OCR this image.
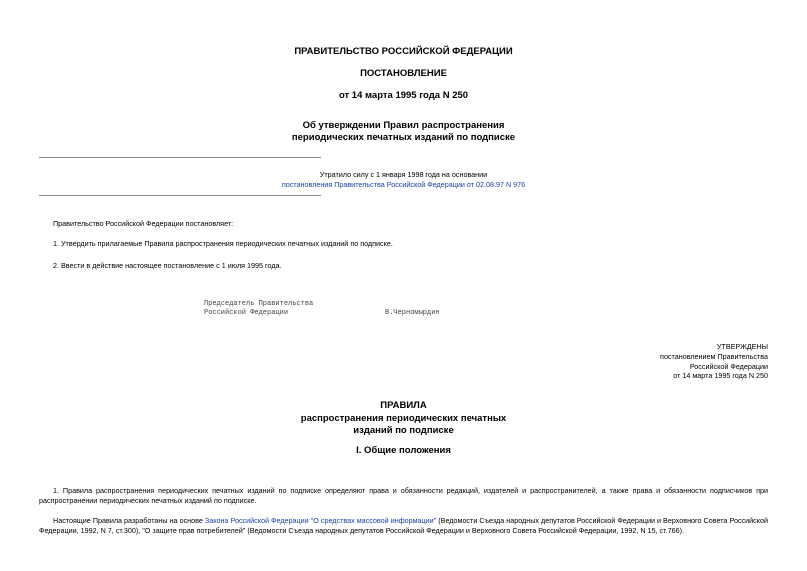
ПРАВИТЕЛЬСТВО РОССИЙСКОЙ ФЕДЕРАЦИИ
ПОСТАНОВЛЕНИЕ
от 14 марта 1995 года N 250
Об утверждении Правил распространения
периодических печатных изданий по подписке
Утратило силу с 1 января 1998 года на основании
постановления Правительства Российской Федерации от 02.08.97 N 976
Правительство Российской Федерации постановляет:
1. Утвердить прилагаемые Правила распространения периодических печатных изданий по подписке.
2. Ввести в действие настоящее постановление с 1 июля 1995 года.
Председатель Правительства
Российской Федерации	В.Черномырдин
УТВЕРЖДЕНЫ
постановлением Правительства
Российской Федерации
от 14 марта 1995 года N 250
ПРАВИЛА
распространения периодических печатных
изданий по подписке
I. Общие положения
1. Правила распространения периодических печатных изданий по подписке определяют права и обязанности редакций, издателей и распространителей, а также права и обязанности подписчиков при распространении периодических печатных изданий по подписке.
Настоящие Правила разработаны на основе Закона Российской Федерации "О средствах массовой информации" (Ведомости Съезда народных депутатов Российской Федерации и Верховного Совета Российской Федерации, 1992, N 7, ст.300), "О защите прав потребителей" (Ведомости Съезда народных депутатов Российской Федерации и Верховного Совета Российской Федерации, 1992, N 15, ст.766).
